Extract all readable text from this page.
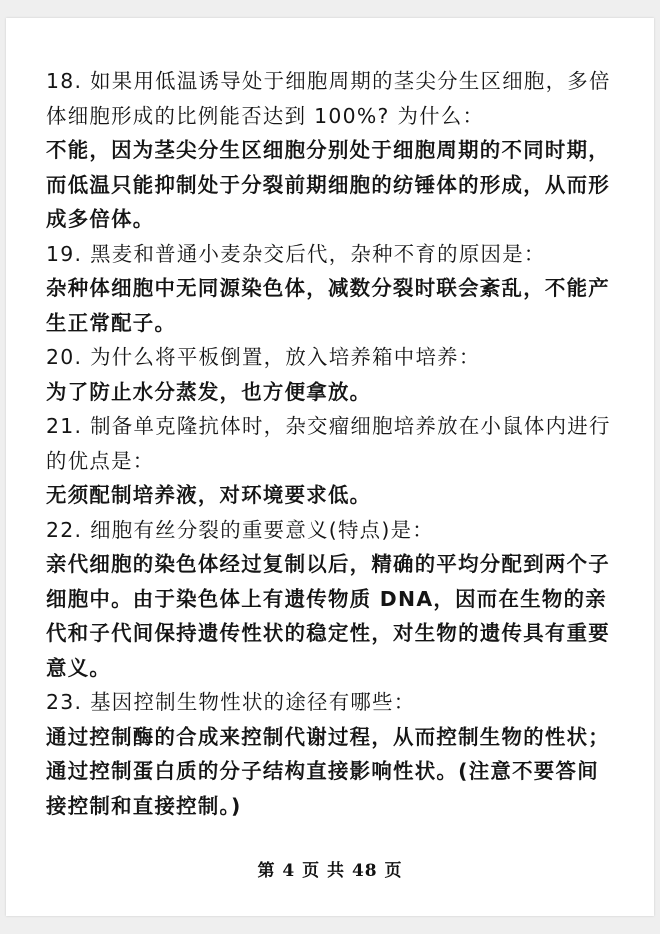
18. 如果用低温诱导处于细胞周期的茎尖分生区细胞，多倍体细胞形成的比例能否达到 100%? 为什么：

不能，因为茎尖分生区细胞分别处于细胞周期的不同时期，而低温只能抑制处于分裂前期细胞的纺锤体的形成，从而形成多倍体。

19. 黑麦和普通小麦杂交后代，杂种不育的原因是：

杂种体细胞中无同源染色体，减数分裂时联会紊乱，不能产生正常配子。

20. 为什么将平板倒置，放入培养箱中培养：

为了防止水分蒸发，也方便拿放。

21. 制备单克隆抗体时，杂交瘤细胞培养放在小鼠体内进行的优点是：

无须配制培养液，对环境要求低。

22. 细胞有丝分裂的重要意义(特点)是：

亲代细胞的染色体经过复制以后，精确的平均分配到两个子细胞中。由于染色体上有遗传物质 DNA，因而在生物的亲代和子代间保持遗传性状的稳定性，对生物的遗传具有重要意义。

23. 基因控制生物性状的途径有哪些：

通过控制酶的合成来控制代谢过程，从而控制生物的性状；通过控制蛋白质的分子结构直接影响性状。(注意不要答间接控制和直接控制。)

第 4 页 共 48 页
